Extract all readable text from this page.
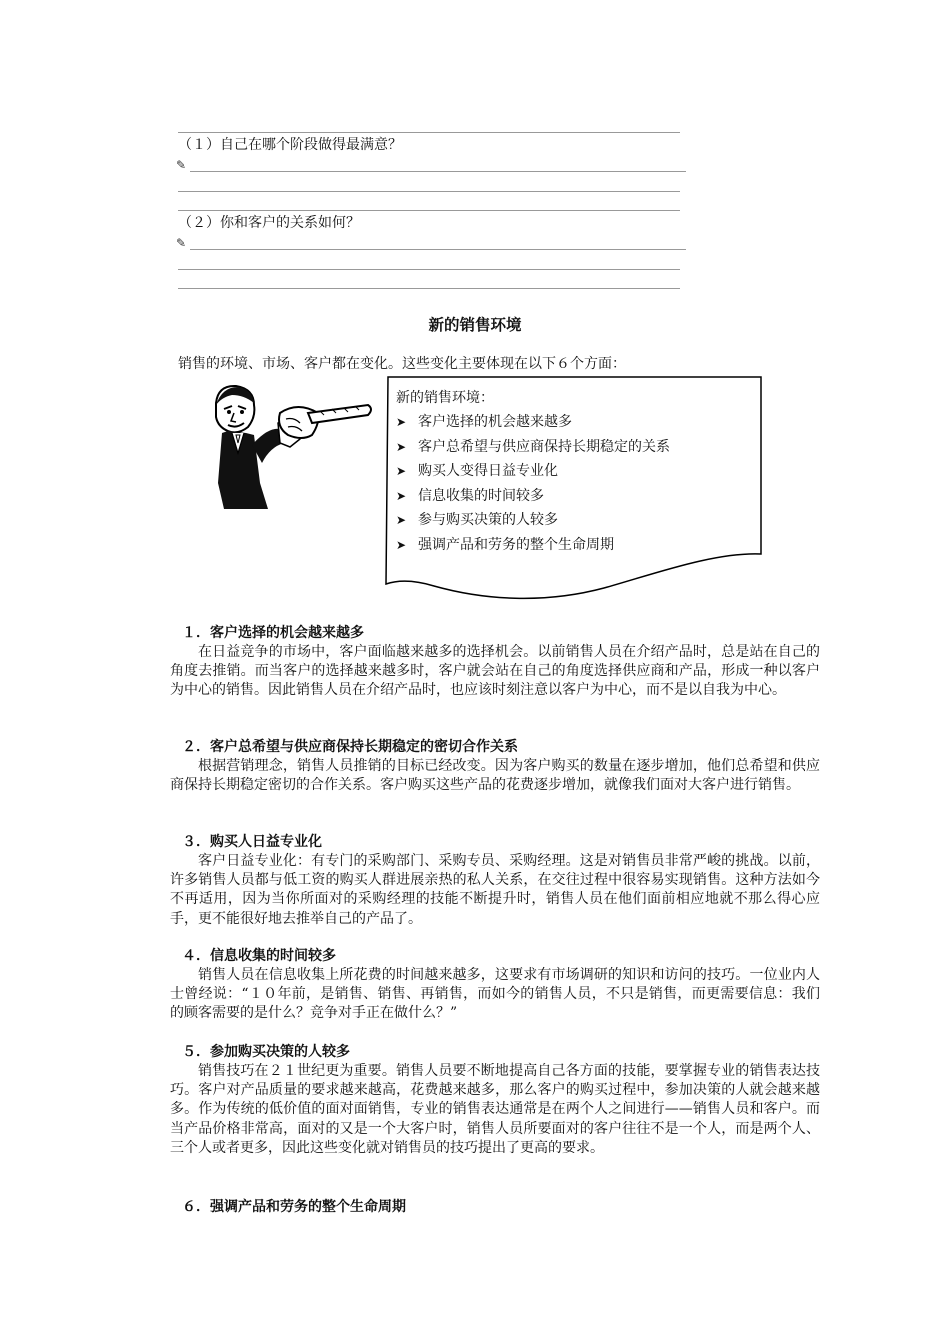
（１）自己在哪个阶段做得最满意？
✎
（２）你和客户的关系如何？
✎
新的销售环境
销售的环境、市场、客户都在变化。这些变化主要体现在以下６个方面：
新的销售环境：
➤ 客户选择的机会越来越多
➤ 客户总希望与供应商保持长期稳定的关系
➤ 购买人变得日益专业化
➤ 信息收集的时间较多
➤ 参与购买决策的人较多
➤ 强调产品和劳务的整个生命周期
１．客户选择的机会越来越多

在日益竞争的市场中，客户面临越来越多的选择机会。以前销售人员在介绍产品时，总是站在自己的角度去推销。而当客户的选择越来越多时，客户就会站在自己的角度选择供应商和产品，形成一种以客户为中心的销售。因此销售人员在介绍产品时，也应该时刻注意以客户为中心，而不是以自我为中心。

２．客户总希望与供应商保持长期稳定的密切合作关系

根据营销理念，销售人员推销的目标已经改变。因为客户购买的数量在逐步增加，他们总希望和供应商保持长期稳定密切的合作关系。客户购买这些产品的花费逐步增加，就像我们面对大客户进行销售。

３．购买人日益专业化

客户日益专业化：有专门的采购部门、采购专员、采购经理。这是对销售员非常严峻的挑战。以前，许多销售人员都与低工资的购买人群进展亲热的私人关系，在交往过程中很容易实现销售。这种方法如今不再适用，因为当你所面对的采购经理的技能不断提升时，销售人员在他们面前相应地就不那么得心应手，更不能很好地去推举自己的产品了。

４．信息收集的时间较多

销售人员在信息收集上所花费的时间越来越多，这要求有市场调研的知识和访问的技巧。一位业内人士曾经说：“１０年前，是销售、销售、再销售，而如今的销售人员，不只是销售，而更需要信息：我们的顾客需要的是什么？竞争对手正在做什么？”

５．参加购买决策的人较多

销售技巧在２１世纪更为重要。销售人员要不断地提高自己各方面的技能，要掌握专业的销售表达技巧。客户对产品质量的要求越来越高，花费越来越多，那么客户的购买过程中，参加决策的人就会越来越多。作为传统的低价值的面对面销售，专业的销售表达通常是在两个人之间进行——销售人员和客户。而当产品价格非常高，面对的又是一个大客户时，销售人员所要面对的客户往往不是一个人，而是两个人、三个人或者更多，因此这些变化就对销售员的技巧提出了更高的要求。

６．强调产品和劳务的整个生命周期
